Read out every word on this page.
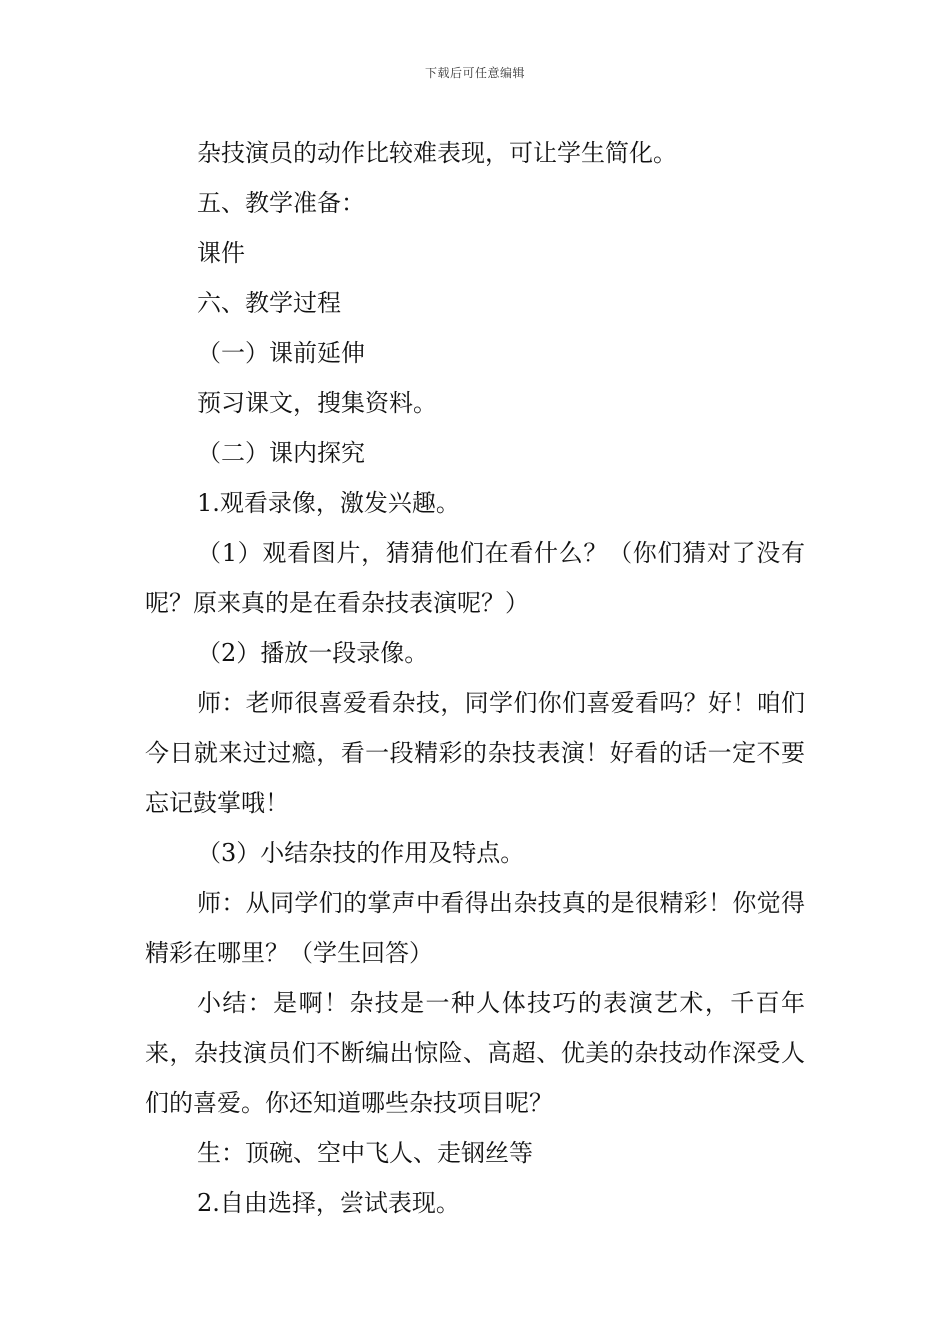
下载后可任意编辑

杂技演员的动作比较难表现，可让学生简化。

五、教学准备：

课件

六、教学过程

（一）课前延伸

预习课文，搜集资料。

（二）课内探究

1.观看录像，激发兴趣。

（1）观看图片，猜猜他们在看什么？（你们猜对了没有呢？原来真的是在看杂技表演呢？）

（2）播放一段录像。

师：老师很喜爱看杂技，同学们你们喜爱看吗？好！咱们今日就来过过瘾，看一段精彩的杂技表演！好看的话一定不要忘记鼓掌哦！

（3）小结杂技的作用及特点。

师：从同学们的掌声中看得出杂技真的是很精彩！你觉得精彩在哪里？（学生回答）

小结：是啊！杂技是一种人体技巧的表演艺术，千百年来，杂技演员们不断编出惊险、高超、优美的杂技动作深受人们的喜爱。你还知道哪些杂技项目呢？

生：顶碗、空中飞人、走钢丝等

2.自由选择，尝试表现。
